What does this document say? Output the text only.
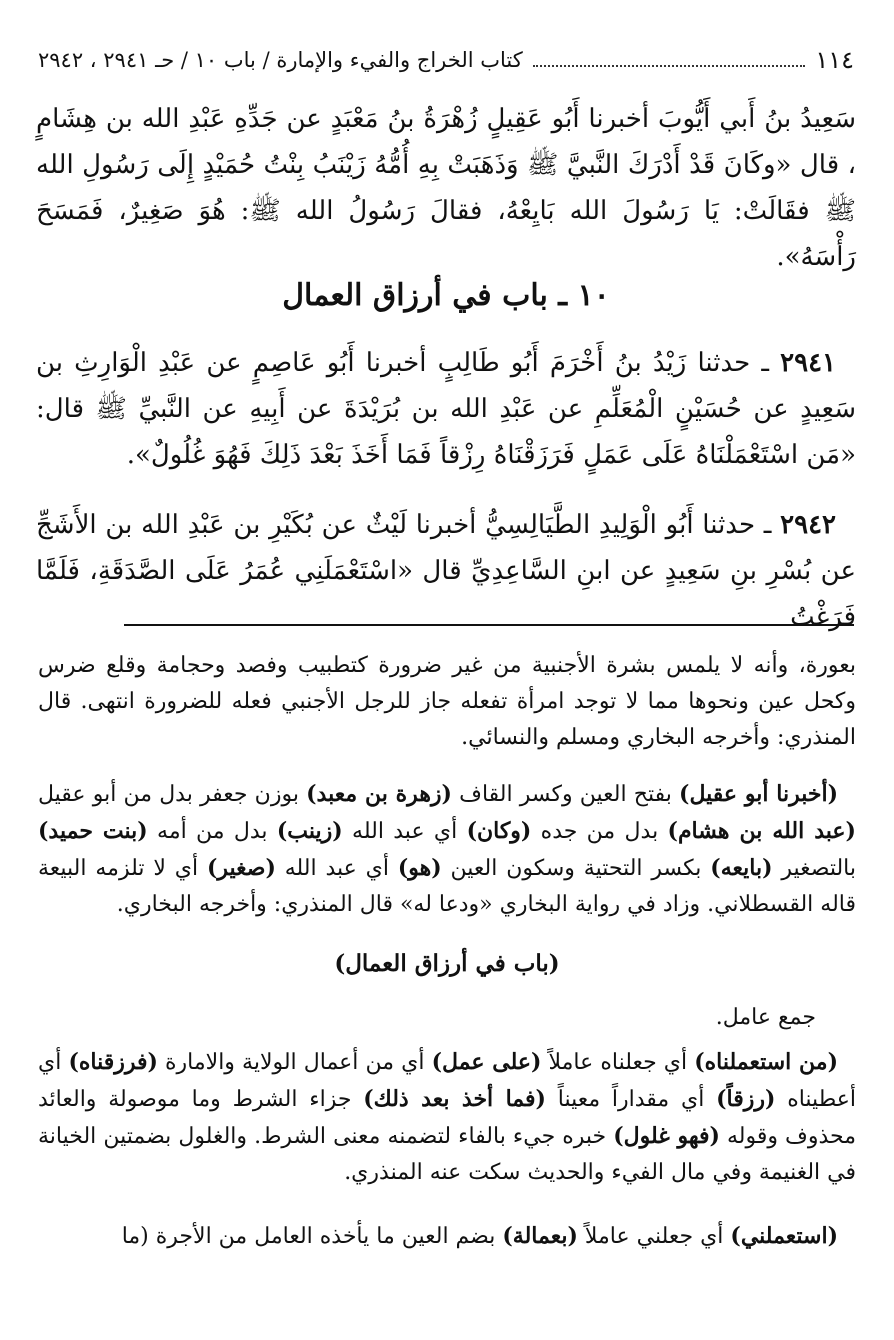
١١٤
كتاب الخراج والفيء والإمارة / باب ١٠ / حـ ٢٩٤١ ، ٢٩٤٢
سَعِيدُ بنُ أَبي أَيُّوبَ أخبرنا أَبُو عَقِيلٍ زُهْرَةُ بنُ مَعْبَدٍ عن جَدِّهِ عَبْدِ الله بن هِشَامٍ ، قال «وكَانَ قَدْ أَدْرَكَ النَّبيَّ ﷺ وَذَهَبَتْ بِهِ أُمُّهُ زَيْنَبُ بِنْتُ حُمَيْدٍ إِلَى رَسُولِ الله ﷺ فقَالَتْ: يَا رَسُولَ الله بَايِعْهُ، فقالَ رَسُولُ الله ﷺ: هُوَ صَغِيرٌ، فَمَسَحَ رَأْسَهُ».
١٠ ـ باب في أرزاق العمال
٢٩٤١ ـ حدثنا زَيْدُ بنُ أَخْرَمَ أَبُو طَالِبٍ أخبرنا أَبُو عَاصِمٍ عن عَبْدِ الْوَارِثِ بن سَعِيدٍ عن حُسَيْنٍ الْمُعَلِّمِ عن عَبْدِ الله بن بُرَيْدَةَ عن أَبِيهِ عن النَّبيِّ ﷺ قال: «مَن اسْتَعْمَلْنَاهُ عَلَى عَمَلٍ فَرَزَقْنَاهُ رِزْقاً فَمَا أَخَذَ بَعْدَ ذَلِكَ فَهُوَ غُلُولٌ».
٢٩٤٢ ـ حدثنا أَبُو الْوَلِيدِ الطَّيَالِسِيُّ أخبرنا لَيْثٌ عن بُكَيْرِ بن عَبْدِ الله بن الأَشَجِّ عن بُسْرِ بنِ سَعِيدٍ عن ابنِ السَّاعِدِيِّ قال «اسْتَعْمَلَنِي عُمَرُ عَلَى الصَّدَقَةِ، فَلَمَّا فَرَغْتُ
بعورة، وأنه لا يلمس بشرة الأجنبية من غير ضرورة كتطبيب وفصد وحجامة وقلع ضرس وكحل عين ونحوها مما لا توجد امرأة تفعله جاز للرجل الأجنبي فعله للضرورة انتهى. قال المنذري: وأخرجه البخاري ومسلم والنسائي.
(أخبرنا أبو عقيل) بفتح العين وكسر القاف (زهرة بن معبد) بوزن جعفر بدل من أبو عقيل (عبد الله بن هشام) بدل من جده (وكان) أي عبد الله (زينب) بدل من أمه (بنت حميد) بالتصغير (بايعه) بكسر التحتية وسكون العين (هو) أي عبد الله (صغير) أي لا تلزمه البيعة قاله القسطلاني. وزاد في رواية البخاري «ودعا له» قال المنذري: وأخرجه البخاري.
(باب في أرزاق العمال)
جمع عامل.
(من استعملناه) أي جعلناه عاملاً (على عمل) أي من أعمال الولاية والامارة (فرزقناه) أي أعطيناه (رزقاً) أي مقداراً معيناً (فما أخذ بعد ذلك) جزاء الشرط وما موصولة والعائد محذوف وقوله (فهو غلول) خبره جيء بالفاء لتضمنه معنى الشرط. والغلول بضمتين الخيانة في الغنيمة وفي مال الفيء والحديث سكت عنه المنذري.
(استعملني) أي جعلني عاملاً (بعمالة) بضم العين ما يأخذه العامل من الأجرة (ما
